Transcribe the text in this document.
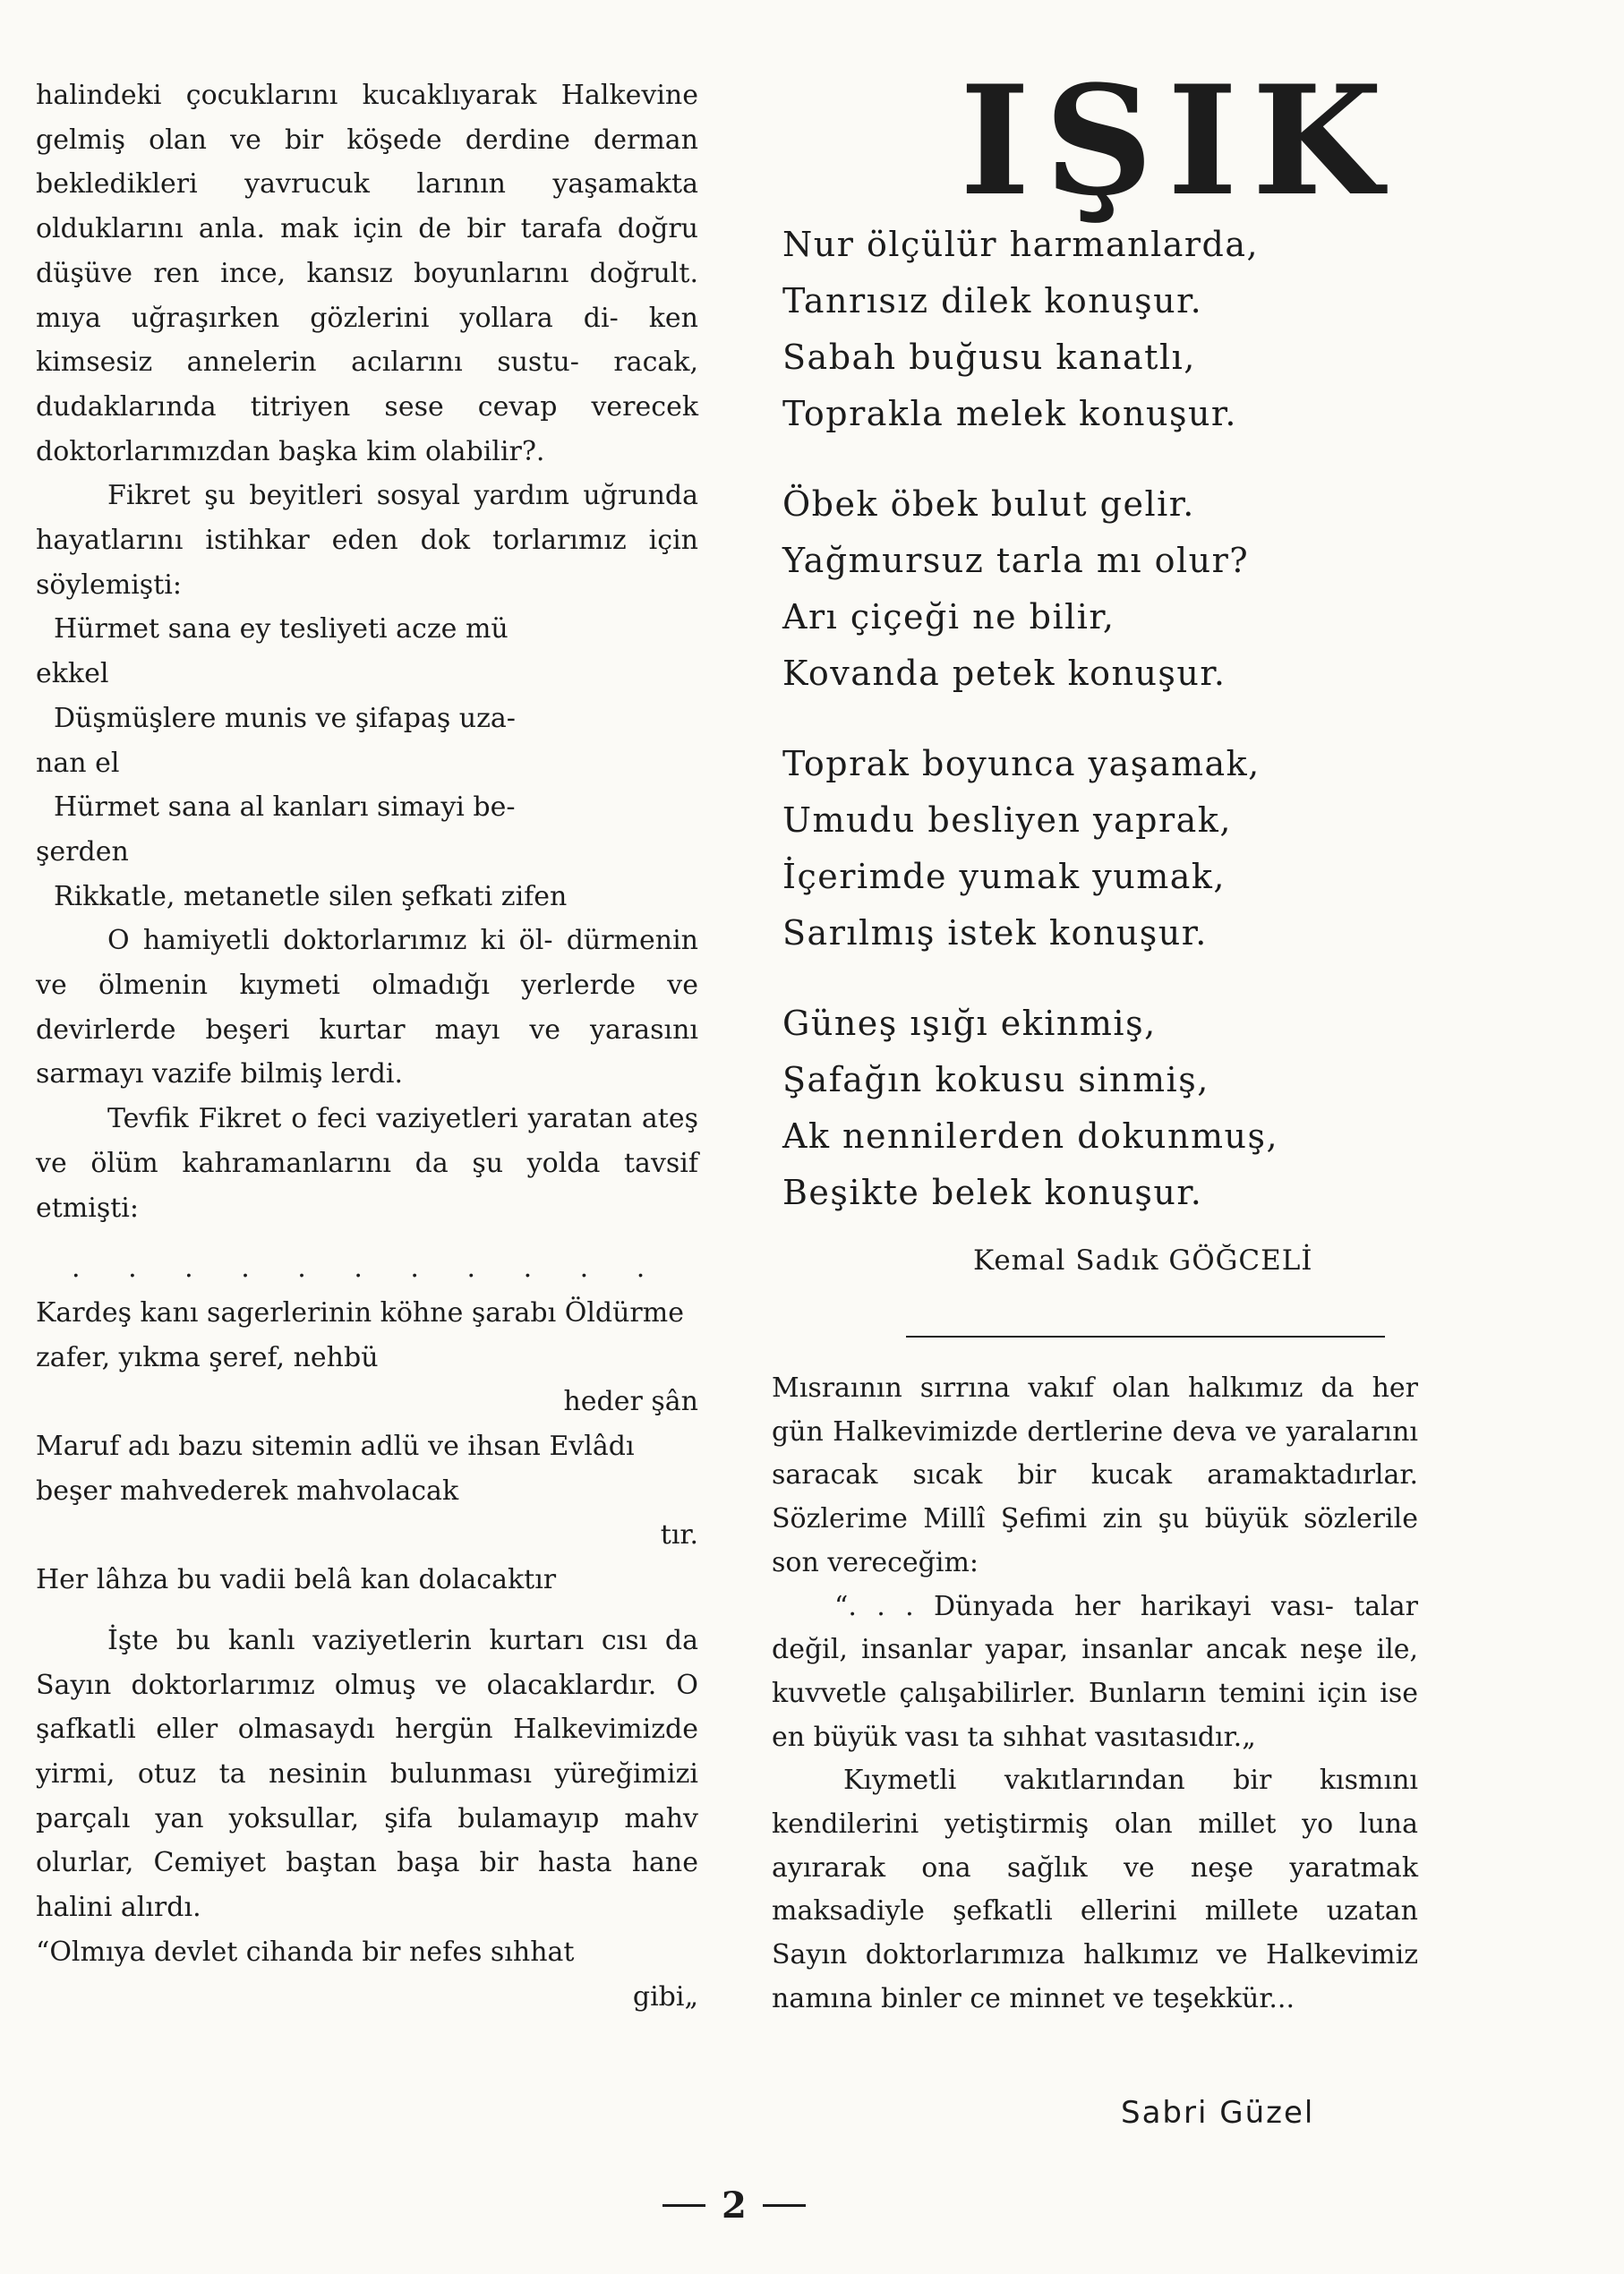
halindeki çocuklarını kucaklıyarak Halkevine gelmiş olan ve bir köşede derdine derman bekledikleri yavrucuk larının yaşamakta olduklarını anla. mak için de bir tarafa doğru düşüve ren ince, kansız boyunlarını doğrult. mıya uğraşırken gözlerini yollara di- ken kimsesiz annelerin acılarını sustu- racak, dudaklarında titriyen sese cevap verecek doktorlarımızdan başka kim olabilir?.

Fikret şu beyitleri sosyal yardım uğrunda hayatlarını istihkar eden dok torlarımız için söylemişti:

Hürmet sana ey tesliyeti acze mü
ekkel
Düşmüşlere munis ve şifapaş uza-
nan el
Hürmet sana al kanları simayi be-
şerden
Rikkatle, metanetle silen şefkati zifen

O hamiyetli doktorlarımız ki öl- dürmenin ve ölmenin kıymeti olmadığı yerlerde ve devirlerde beşeri kurtar mayı ve yarasını sarmayı vazife bilmiş lerdi.

Tevfik Fikret o feci vaziyetleri yaratan ateş ve ölüm kahramanlarını da şu yolda tavsif etmişti:

. . . . . . . . . . .
Kardeş kanı sagerlerinin köhne şarabı Öldürme zafer, yıkma şeref, nehbü
heder şân
Maruf adı bazu sitemin adlü ve ihsan Evlâdı beşer mahvederek mahvolacak
tır.
Her lâhza bu vadii belâ kan dolacaktır

İşte bu kanlı vaziyetlerin kurtarı cısı da Sayın doktorlarımız olmuş ve olacaklardır. O şafkatli eller olmasaydı hergün Halkevimizde yirmi, otuz ta nesinin bulunması yüreğimizi parçalı yan yoksullar, şifa bulamayıp mahv olurlar, Cemiyet baştan başa bir hasta hane halini alırdı.

“Olmıya devlet cihanda bir nefes sıhhat

gibi„

IŞIK
Nur ölçülür harmanlarda,
Tanrısız dilek konuşur.
Sabah buğusu kanatlı,
Toprakla melek konuşur.
Öbek öbek bulut gelir.
Yağmursuz tarla mı olur?
Arı çiçeği ne bilir,
Kovanda petek konuşur.
Toprak boyunca yaşamak,
Umudu besliyen yaprak,
İçerimde yumak yumak,
Sarılmış istek konuşur.
Güneş ışığı ekinmiş,
Şafağın kokusu sinmiş,
Ak nennilerden dokunmuş,
Beşikte belek konuşur.
Kemal Sadık GÖĞCELİ

Mısraının sırrına vakıf olan halkımız da her gün Halkevimizde dertlerine deva ve yaralarını saracak sıcak bir kucak aramaktadırlar. Sözlerime Millî Şefimi zin şu büyük sözlerile son vereceğim:

“. . . Dünyada her harikayi vası- talar değil, insanlar yapar, insanlar ancak neşe ile, kuvvetle çalışabilirler. Bunların temini için ise en büyük vası ta sıhhat vasıtasıdır.„

Kıymetli vakıtlarından bir kısmını kendilerini yetiştirmiş olan millet yo luna ayırarak ona sağlık ve neşe yaratmak maksadiyle şefkatli ellerini millete uzatan Sayın doktorlarımıza halkımız ve Halkevimiz namına binler ce minnet ve teşekkür...

Sabri Güzel
2
